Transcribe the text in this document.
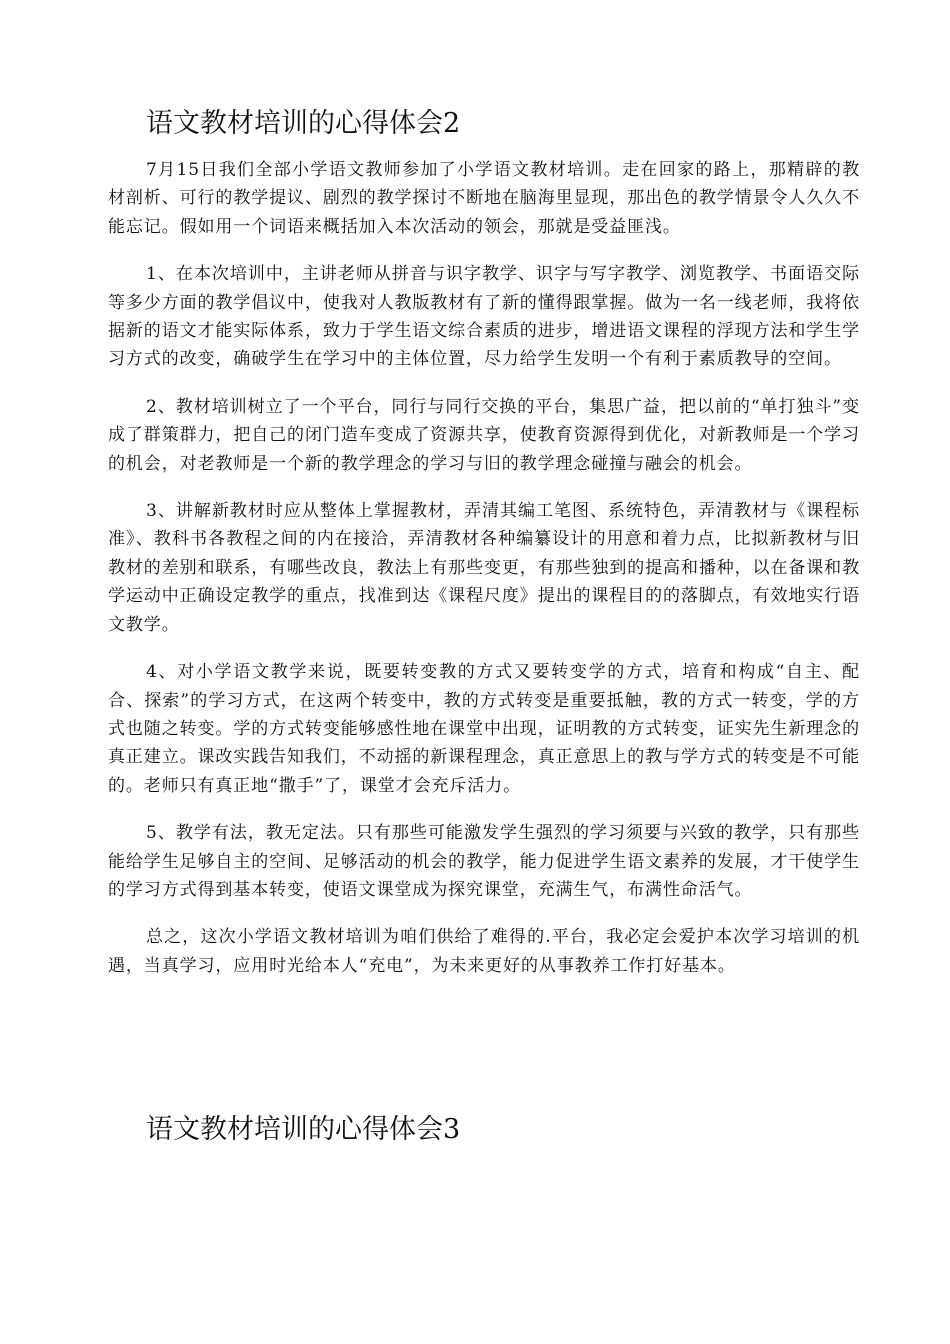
语文教材培训的心得体会2

7月15日我们全部小学语文教师参加了小学语文教材培训。走在回家的路上，那精辟的教材剖析、可行的教学提议、剧烈的教学探讨不断地在脑海里显现，那出色的教学情景令人久久不能忘记。假如用一个词语来概括加入本次活动的领会，那就是受益匪浅。

1、在本次培训中，主讲老师从拼音与识字教学、识字与写字教学、浏览教学、书面语交际等多少方面的教学倡议中，使我对人教版教材有了新的懂得跟掌握。做为一名一线老师，我将依据新的语文才能实际体系，致力于学生语文综合素质的进步，增进语文课程的浮现方法和学生学习方式的改变，确破学生在学习中的主体位置，尽力给学生发明一个有利于素质教导的空间。

2、教材培训树立了一个平台，同行与同行交换的平台，集思广益，把以前的“单打独斗”变成了群策群力，把自己的闭门造车变成了资源共享，使教育资源得到优化，对新教师是一个学习的机会，对老教师是一个新的教学理念的学习与旧的教学理念碰撞与融会的机会。

3、讲解新教材时应从整体上掌握教材，弄清其编工笔图、系统特色，弄清教材与《课程标准》、教科书各教程之间的内在接洽，弄清教材各种编纂设计的用意和着力点，比拟新教材与旧教材的差别和联系，有哪些改良，教法上有那些变更，有那些独到的提高和播种，以在备课和教学运动中正确设定教学的重点，找准到达《课程尺度》提出的课程目的的落脚点，有效地实行语文教学。

4、对小学语文教学来说，既要转变教的方式又要转变学的方式，培育和构成“自主、配合、探索”的学习方式，在这两个转变中，教的方式转变是重要抵触，教的方式一转变，学的方式也随之转变。学的方式转变能够感性地在课堂中出现，证明教的方式转变，证实先生新理念的真正建立。课改实践告知我们，不动摇的新课程理念，真正意思上的教与学方式的转变是不可能的。老师只有真正地“撒手”了，课堂才会充斥活力。

5、教学有法，教无定法。只有那些可能激发学生强烈的学习须要与兴致的教学，只有那些能给学生足够自主的空间、足够活动的机会的教学，能力促进学生语文素养的发展，才干使学生的学习方式得到基本转变，使语文课堂成为探究课堂，充满生气，布满性命活气。

总之，这次小学语文教材培训为咱们供给了难得的.平台，我必定会爱护本次学习培训的机遇，当真学习，应用时光给本人“充电”，为未来更好的从事教养工作打好基本。

语文教材培训的心得体会3
